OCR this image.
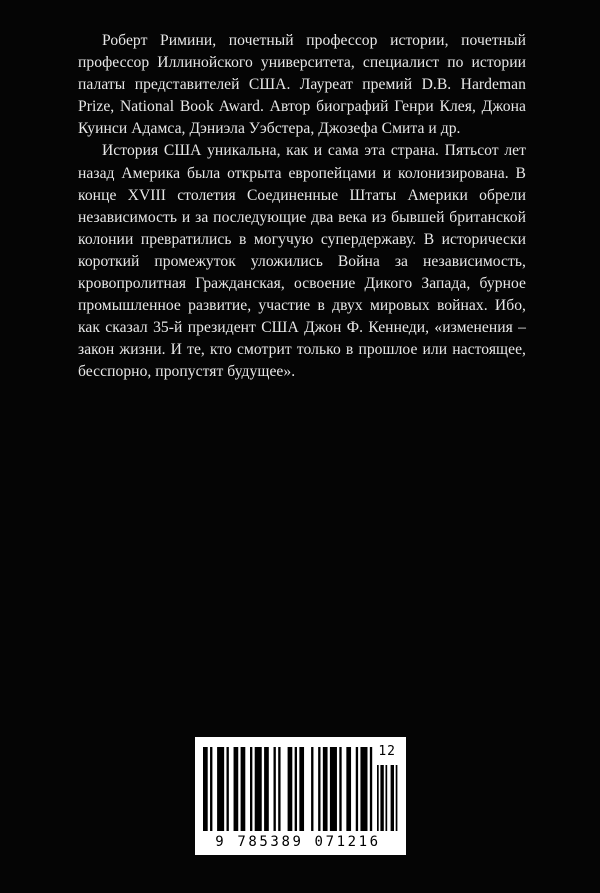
Роберт Римини, почетный профессор истории, почетный профессор Иллинойского университета, специалист по истории палаты представителей США. Лауреат премий D.B. Hardeman Prize, National Book Award. Автор биографий Генри Клея, Джона Куинси Адамса, Дэниэла Уэбстера, Джозефа Смита и др.

История США уникальна, как и сама эта страна. Пятьсот лет назад Америка была открыта европейцами и колонизирована. В конце XVIII столетия Соединенные Штаты Америки обрели независимость и за последующие два века из бывшей британской колонии превратились в могучую супердержаву. В исторически короткий промежуток уложились Война за независимость, кровопролитная Гражданская, освоение Дикого Запада, бурное промышленное развитие, участие в двух мировых войнах. Ибо, как сказал 35-й президент США Джон Ф. Кеннеди, «изменения – закон жизни. И те, кто смотрит только в прошлое или настоящее, бесспорно, пропустят будущее».

12
9 785389 071216
